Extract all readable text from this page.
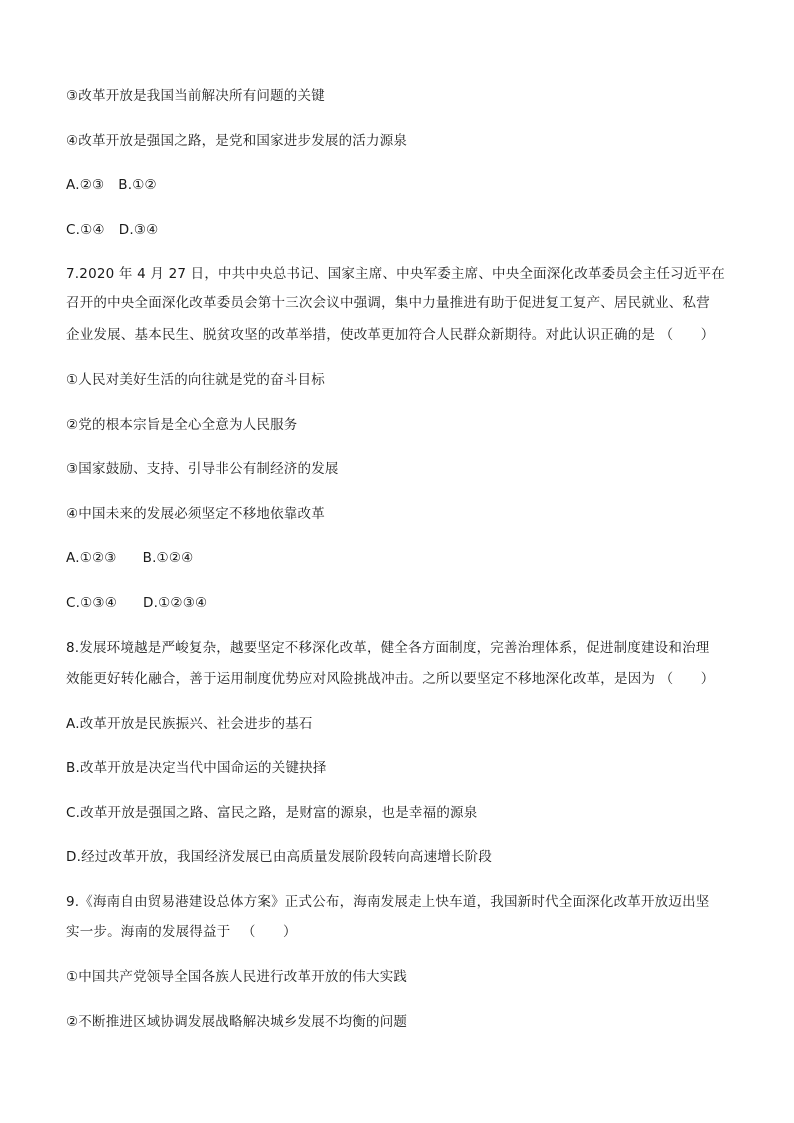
③改革开放是我国当前解决所有问题的关键
④改革开放是强国之路，是党和国家进步发展的活力源泉
A.②③ B.①②
C.①④ D.③④
7.2020 年 4 月 27 日，中共中央总书记、国家主席、中央军委主席、中央全面深化改革委员会主任习近平在
召开的中央全面深化改革委员会第十三次会议中强调，集中力量推进有助于促进复工复产、居民就业、私营
企业发展、基本民生、脱贫攻坚的改革举措，使改革更加符合人民群众新期待。对此认识正确的是 （　　）
①人民对美好生活的向往就是党的奋斗目标
②党的根本宗旨是全心全意为人民服务
③国家鼓励、支持、引导非公有制经济的发展
④中国未来的发展必须坚定不移地依靠改革
A.①②③ B.①②④
C.①③④ D.①②③④
8.发展环境越是严峻复杂，越要坚定不移深化改革，健全各方面制度，完善治理体系，促进制度建设和治理
效能更好转化融合，善于运用制度优势应对风险挑战冲击。之所以要坚定不移地深化改革，是因为 （　　）
A.改革开放是民族振兴、社会进步的基石
B.改革开放是决定当代中国命运的关键抉择
C.改革开放是强国之路、富民之路，是财富的源泉，也是幸福的源泉
D.经过改革开放，我国经济发展已由高质量发展阶段转向高速增长阶段
9.《海南自由贸易港建设总体方案》正式公布，海南发展走上快车道，我国新时代全面深化改革开放迈出坚
实一步。海南的发展得益于 　（　　）
①中国共产党领导全国各族人民进行改革开放的伟大实践
②不断推进区域协调发展战略解决城乡发展不均衡的问题
